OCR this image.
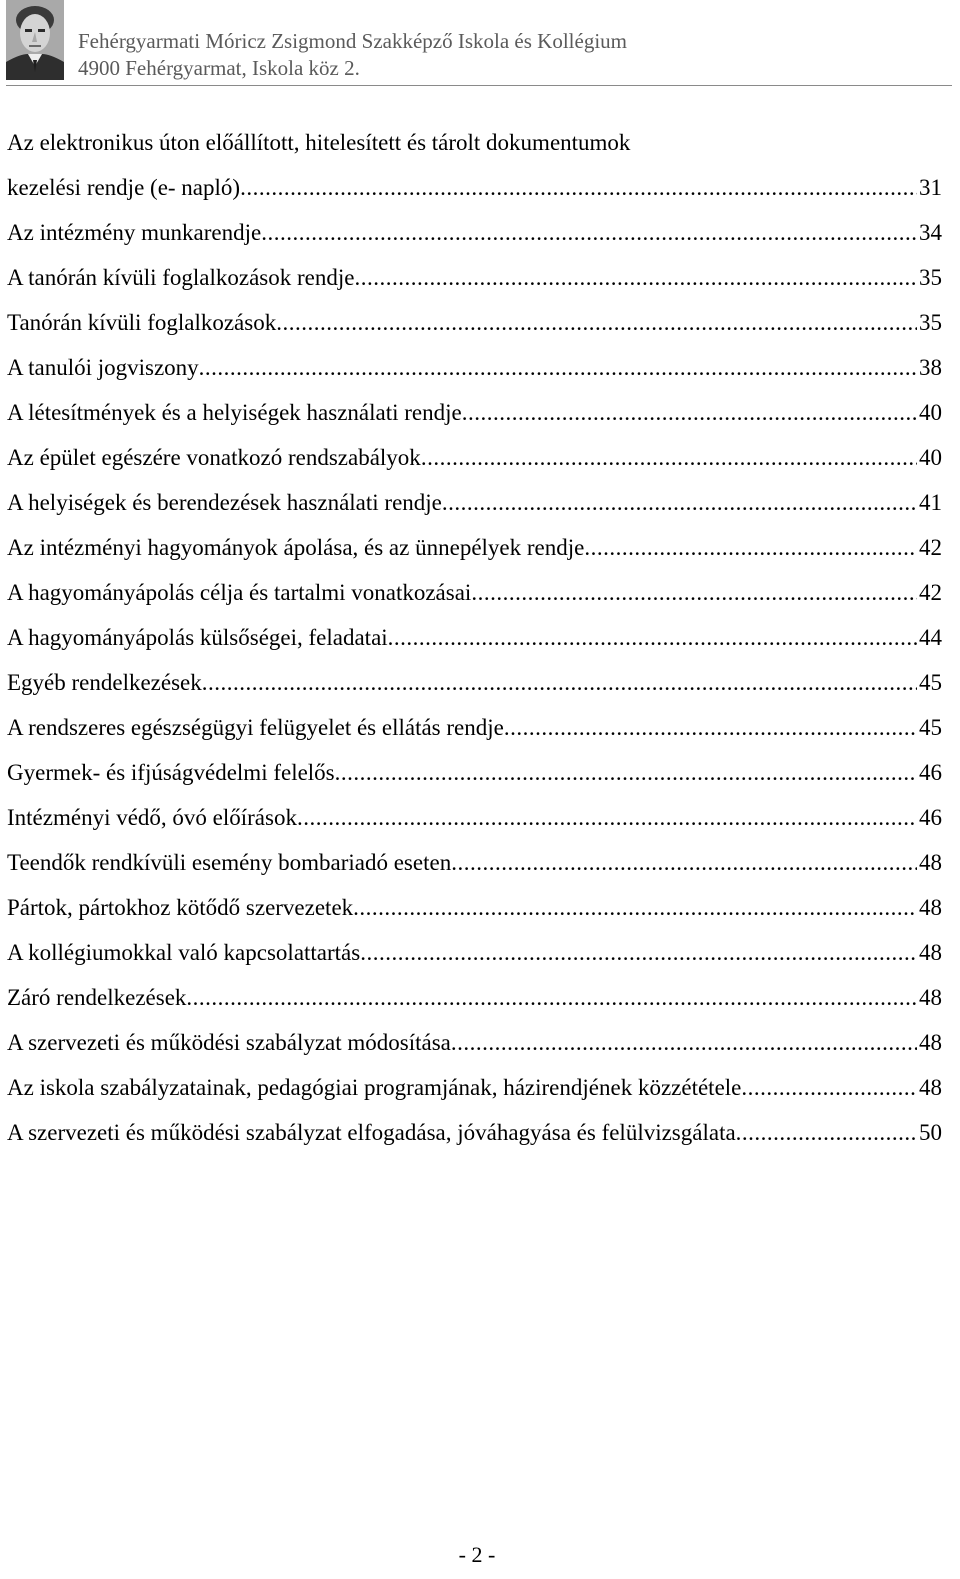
Fehérgyarmati Móricz Zsigmond Szakképző Iskola és Kollégium
4900 Fehérgyarmat, Iskola köz 2.
Az elektronikus úton előállított, hitelesített és tárolt dokumentumok
kezelési rendje (e- napló) .....	31
Az intézmény munkarendje .....	34
A tanórán kívüli foglalkozások rendje .....	35
Tanórán kívüli foglalkozások .....	35
A tanulói jogviszony .....	38
A létesítmények és a helyiségek használati rendje .....	40
Az épület egészére vonatkozó rendszabályok .....	40
A helyiségek és berendezések használati rendje .....	41
Az intézményi hagyományok ápolása, és az ünnepélyek rendje .....	42
A hagyományápolás célja és tartalmi vonatkozásai .....	42
A hagyományápolás külsőségei, feladatai .....	44
Egyéb rendelkezések .....	45
A rendszeres egészségügyi felügyelet és ellátás rendje .....	45
Gyermek- és ifjúságvédelmi felelős .....	46
Intézményi védő, óvó előírások .....	46
Teendők rendkívüli esemény bombariadó eseten .....	48
Pártok, pártokhoz kötődő szervezetek .....	48
A kollégiumokkal való kapcsolattartás .....	48
Záró rendelkezések .....	48
A szervezeti és működési szabályzat módosítása .....	48
Az iskola szabályzatainak, pedagógiai programjának, házirendjének közzététele .....	48
A szervezeti és működési szabályzat elfogadása, jóváhagyása és felülvizsgálata .....	50
- 2 -
